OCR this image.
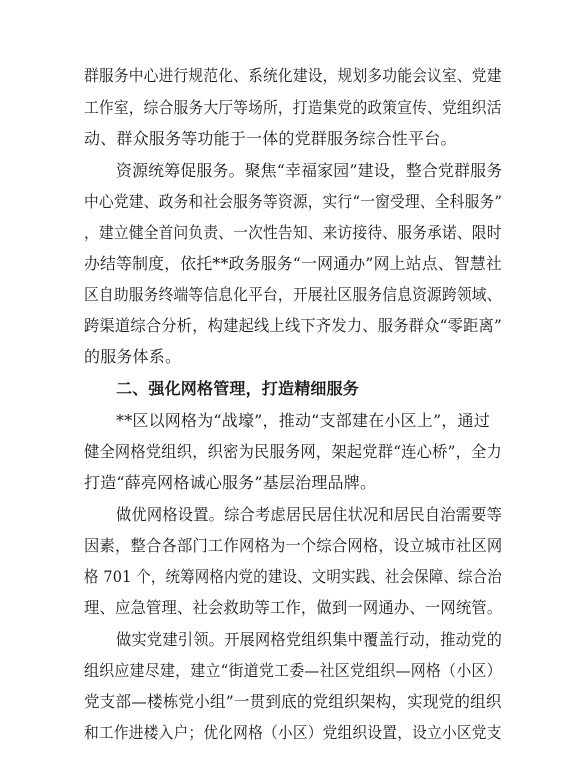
群服务中心进行规范化、系统化建设，规划多功能会议室、党建
工作室，综合服务大厅等场所，打造集党的政策宣传、党组织活
动、群众服务等功能于一体的党群服务综合性平台。
资源统筹促服务。聚焦“幸福家园”建设，整合党群服务
中心党建、政务和社会服务等资源，实行“一窗受理、全科服务”
，建立健全首问负责、一次性告知、来访接待、服务承诺、限时
办结等制度，依托**政务服务“一网通办”网上站点、智慧社
区自助服务终端等信息化平台，开展社区服务信息资源跨领域、
跨渠道综合分析，构建起线上线下齐发力、服务群众“零距离”
的服务体系。
二、强化网格管理，打造精细服务
**区以网格为“战壕”，推动“支部建在小区上”，通过
健全网格党组织，织密为民服务网，架起党群“连心桥”，全力
打造“薛亮网格诚心服务”基层治理品牌。
做优网格设置。综合考虑居民居住状况和居民自治需要等
因素，整合各部门工作网格为一个综合网格，设立城市社区网
格 701 个，统筹网格内党的建设、文明实践、社会保障、综合治
理、应急管理、社会救助等工作，做到一网通办、一网统管。
做实党建引领。开展网格党组织集中覆盖行动，推动党的
组织应建尽建，建立“街道党工委—社区党组织—网格（小区）
党支部—楼栋党小组”一贯到底的党组织架构，实现党的组织
和工作进楼入户；优化网格（小区）党组织设置，设立小区党支
